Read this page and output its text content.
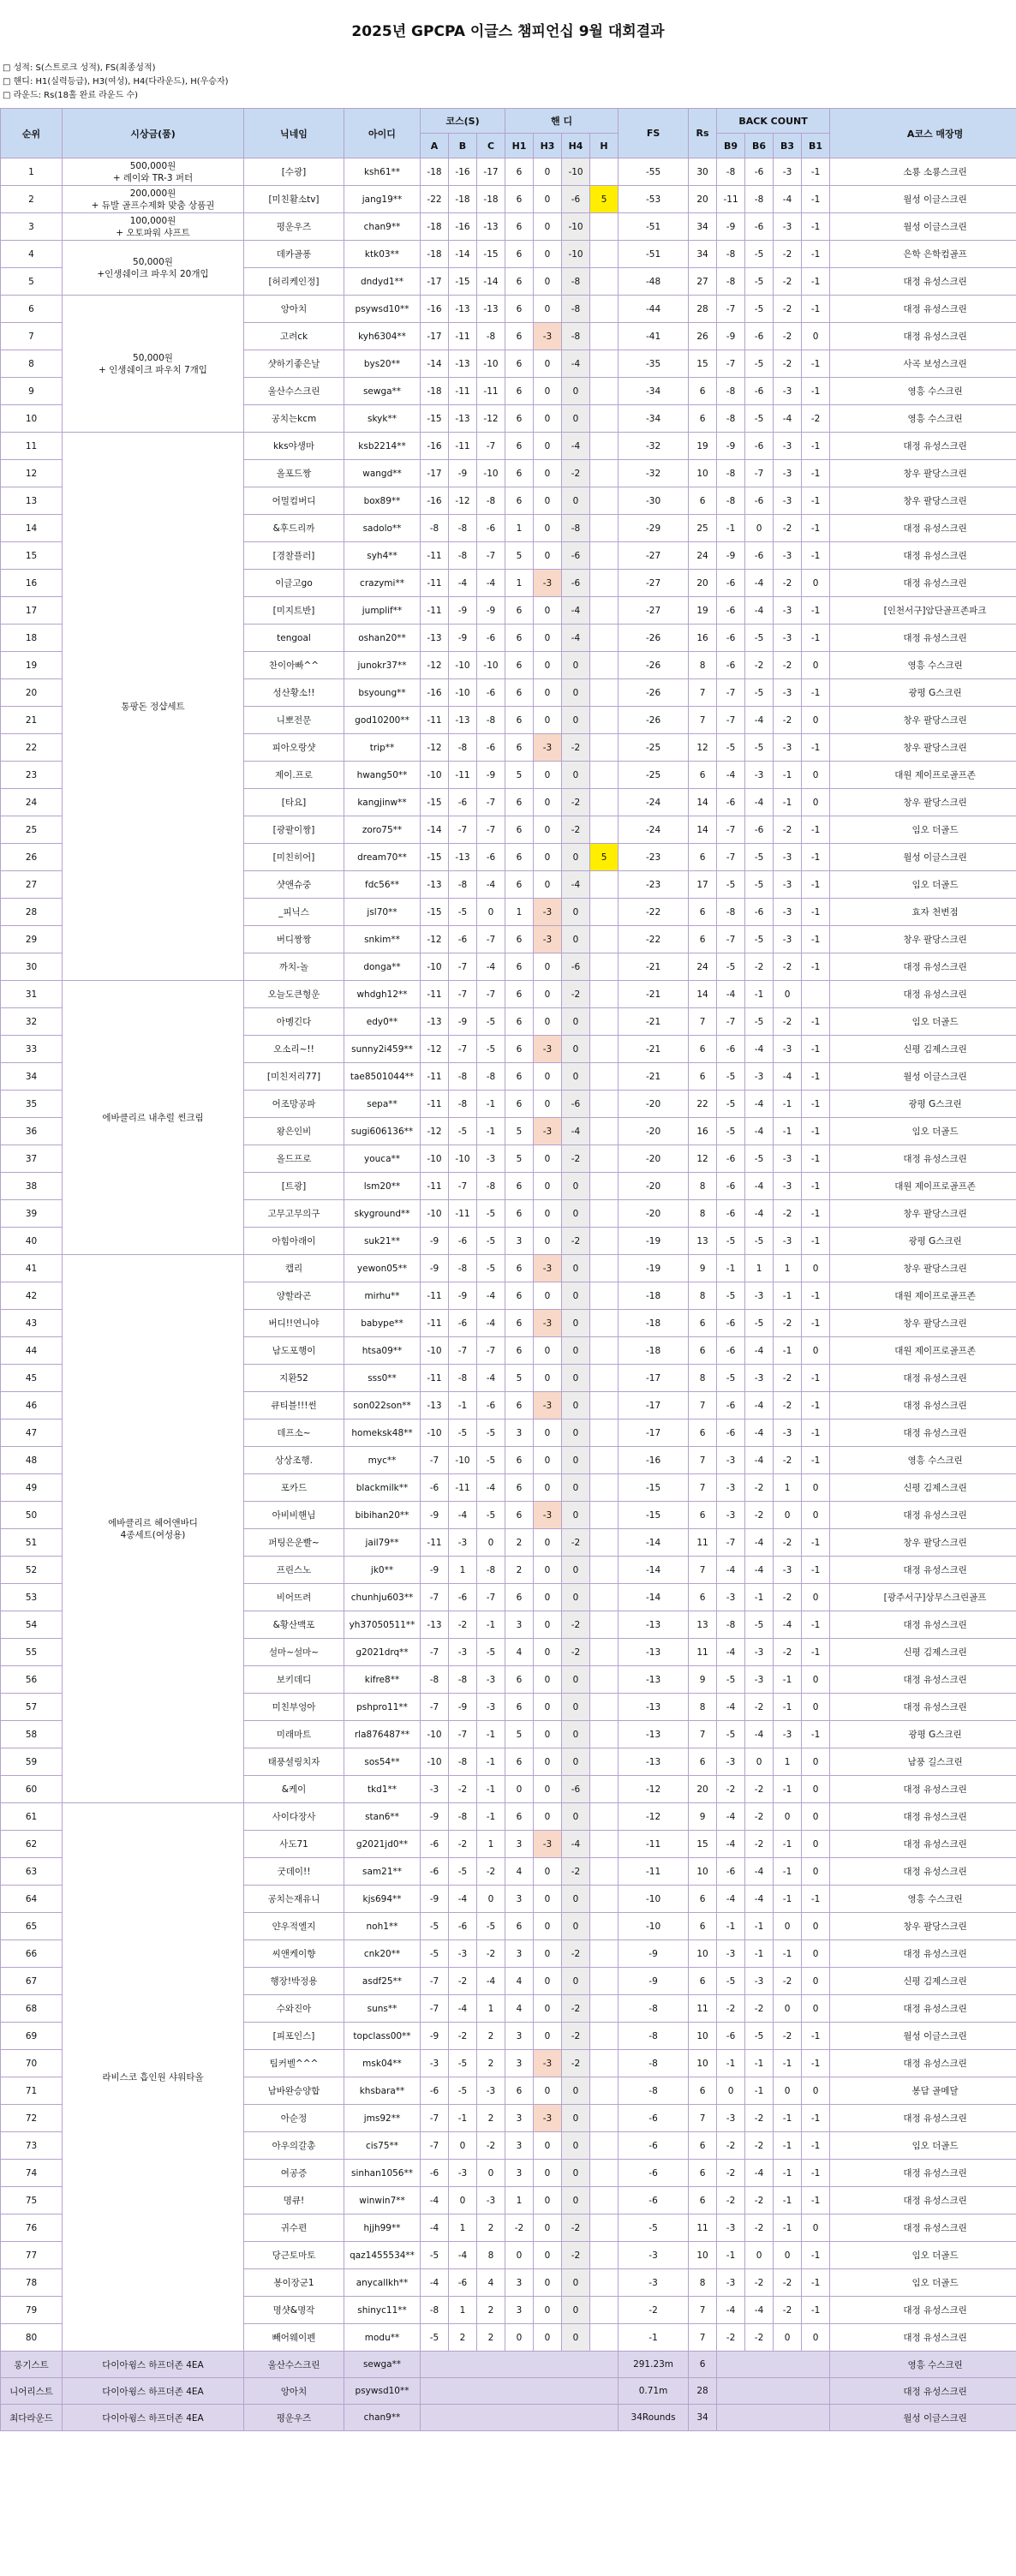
2025년 GPCPA 이글스 챔피언십 9월 대회결과
□ 성적: S(스트로크 성적), FS(최종성적)
□ 핸디: H1(실력등급), H3(여성), H4(다라운드), H(우승자)
□ 라운드: Rs(18홀 완료 라운드 수)
순위	시상금(품)	닉네임	아이디	코스(S)			핸 디				FS	Rs	BACK COUNT				A코스 매장명
				A	B	C	H1	H3	H4	H			B9	B6	B3	B1	
1	500,000원
+ 레이와 TR-3 퍼터	[수광]	ksh61**	-18	-16	-17	6	0	-10		-55	30	-8	-6	-3	-1	소룡 소룡스크린
2	200,000원
+ 듀발 골프수제화 맞춤 상품권	[미친활소tv]	jang19**	-22	-18	-18	6	0	-6	5	-53	20	-11	-8	-4	-1	월성 이글스크린
3	100,000원
+ 오토파워 샤프트	평운우즈	chan9**	-18	-16	-13	6	0	-10		-51	34	-9	-6	-3	-1	월성 이글스크린
4	50,000원
+인생쉐이크 파우치 20개입	데카골퐁	ktk03**	-18	-14	-15	6	0	-10		-51	34	-8	-5	-2	-1	은학 은학컴골프
5		[허리케인정]	dndyd1**	-17	-15	-14	6	0	-8		-48	27	-8	-5	-2	-1	대정 유성스크린
6	50,000원
+ 인생쉐이크 파우치 7개입	앙아치	psywsd10**	-16	-13	-13	6	0	-8		-44	28	-7	-5	-2	-1	대정 유성스크린
7		고려ck	kyh6304**	-17	-11	-8	6	-3	-8		-41	26	-9	-6	-2	0	대정 유성스크린
8		샷하기좋은날	bys20**	-14	-13	-10	6	0	-4		-35	15	-7	-5	-2	-1	사곡 보성스크린
9		울산수스크린	sewga**	-18	-11	-11	6	0	0		-34	6	-8	-6	-3	-1	영흥 수스크린
10		공치는kcm	skyk**	-15	-13	-12	6	0	0		-34	6	-8	-5	-4	-2	영흥 수스크린
11	통팡돈 정샵세트	kks야생마	ksb2214**	-16	-11	-7	6	0	-4		-32	19	-9	-6	-3	-1	대정 유성스크린
12		올포드짱	wangd**	-17	-9	-10	6	0	-2		-32	10	-8	-7	-3	-1	창우 팔당스크린
13		어멀컴버디	box89**	-16	-12	-8	6	0	0		-30	6	-8	-6	-3	-1	창우 팔당스크린
14		&후드리까	sadolo**	-8	-8	-6	1	0	-8		-29	25	-1	0	-2	-1	대정 유성스크린
15		[경찰플러]	syh4**	-11	-8	-7	5	0	-6		-27	24	-9	-6	-3	-1	대정 유성스크린
16		이글고go	crazymi**	-11	-4	-4	1	-3	-6		-27	20	-6	-4	-2	0	대정 유성스크린
17		[미지트반]	jumplif**	-11	-9	-9	6	0	-4		-27	19	-6	-4	-3	-1	[인천서구]암단골프존파크
18		tengoal	oshan20**	-13	-9	-6	6	0	-4		-26	16	-6	-5	-3	-1	대정 유성스크린
19		찬이아빠^^	junokr37**	-12	-10	-10	6	0	0		-26	8	-6	-2	-2	0	영흥 수스크린
20		성산황소!!	bsyoung**	-16	-10	-6	6	0	0		-26	7	-7	-5	-3	-1	광평 G스크린
21		니뽀전문	god10200**	-11	-13	-8	6	0	0		-26	7	-7	-4	-2	0	창우 팔당스크린
22		피아오랑샷	trip**	-12	-8	-6	6	-3	-2		-25	12	-5	-5	-3	-1	창우 팔당스크린
23		제이.프로	hwang50**	-10	-11	-9	5	0	0		-25	6	-4	-3	-1	0	대원 제이프로골프존
24		[타요]	kangjinw**	-15	-6	-7	6	0	-2		-24	14	-6	-4	-1	0	창우 팔당스크린
25		[광팔이짱]	zoro75**	-14	-7	-7	6	0	-2		-24	14	-7	-6	-2	-1	임오 더골드
26		[미친히어]	dream70**	-15	-13	-6	6	0	0	5	-23	6	-7	-5	-3	-1	월성 이글스크린
27		샷앤슈중	fdc56**	-13	-8	-4	6	0	-4		-23	17	-5	-5	-3	-1	임오 더골드
28		_피닉스	jsl70**	-15	-5	0	1	-3	0		-22	6	-8	-6	-3	-1	효자 천변점
29		버디짱짱	snkim**	-12	-6	-7	6	-3	0		-22	6	-7	-5	-3	-1	창우 팔당스크린
30		까치-놀	donga**	-10	-7	-4	6	0	-6		-21	24	-5	-2	-2	-1	대정 유성스크린
31	에바클리르 내추럴 썬크림	오늘도큰형운	whdgh12**	-11	-7	-7	6	0	-2		-21	14	-4	-1	0		대정 유성스크린
32		아멩긴다	edy0**	-13	-9	-5	6	0	0		-21	7	-7	-5	-2	-1	임오 더골드
33		오소리~!!	sunny2i459**	-12	-7	-5	6	-3	0		-21	6	-6	-4	-3	-1	신평 김제스크린
34		[미친저리77]	tae8501044**	-11	-8	-8	6	0	0		-21	6	-5	-3	-4	-1	월성 이글스크린
35		어조망공파	sepa**	-11	-8	-1	6	0	-6		-20	22	-5	-4	-1	-1	광평 G스크린
36		왕은인비	sugi606136**	-12	-5	-1	5	-3	-4		-20	16	-5	-4	-1	-1	임오 더골드
37		올드프로	youca**	-10	-10	-3	5	0	-2		-20	12	-6	-5	-3	-1	대정 유성스크린
38		[트광]	lsm20**	-11	-7	-8	6	0	0		-20	8	-6	-4	-3	-1	대원 제이프로골프존
39		고무고무의구	skyground**	-10	-11	-5	6	0	0		-20	8	-6	-4	-2	-1	창우 팔당스크린
40		아힘아래이	suk21**	-9	-6	-5	3	0	-2		-19	13	-5	-5	-3	-1	광평 G스크린
41	에바클리르 헤어앤바디
4종세트(여성용)	캡리	yewon05**	-9	-8	-5	6	-3	0		-19	9	-1	1	1	0	창우 팔당스크린
42		양할라곤	mirhu**	-11	-9	-4	6	0	0		-18	8	-5	-3	-1	-1	대원 제이프로골프존
43		버디!!연니야	babype**	-11	-6	-4	6	-3	0		-18	6	-6	-5	-2	-1	창우 팔당스크린
44		남도포행이	htsa09**	-10	-7	-7	6	0	0		-18	6	-6	-4	-1	0	대원 제이프로골프존
45		지환52	sss0**	-11	-8	-4	5	0	0		-17	8	-5	-3	-2	-1	대정 유성스크린
46		큐티블!!!썬	son022son**	-13	-1	-6	6	-3	0		-17	7	-6	-4	-2	-1	대정 유성스크린
47		데프소~	homeksk48**	-10	-5	-5	3	0	0		-17	6	-6	-4	-3	-1	대정 유성스크린
48		상상조행.	myc**	-7	-10	-5	6	0	0		-16	7	-3	-4	-2	-1	영흥 수스크린
49		포카드	blackmilk**	-6	-11	-4	6	0	0		-15	7	-3	-2	1	0	신평 김제스크린
50		아비비핸님	bibihan20**	-9	-4	-5	6	-3	0		-15	6	-3	-2	0	0	대정 유성스크린
51		퍼팅은운빨~	jail79**	-11	-3	0	2	0	-2		-14	11	-7	-4	-2	-1	창우 팔당스크린
52		프린스노	jk0**	-9	1	-8	2	0	0		-14	7	-4	-4	-3	-1	대정 유성스크린
53		비어뜨려	chunhju603**	-7	-6	-7	6	0	0		-14	6	-3	-1	-2	0	[광주서구]상무스크린골프
54		&황산맥포	yh37050511**	-13	-2	-1	3	0	-2		-13	13	-8	-5	-4	-1	대정 유성스크린
55		설마~설마~	g2021drq**	-7	-3	-5	4	0	-2		-13	11	-4	-3	-2	-1	신평 김제스크린
56		보키데디	kifre8**	-8	-8	-3	6	0	0		-13	9	-5	-3	-1	0	대정 유성스크린
57		미친부엉아	pshpro11**	-7	-9	-3	6	0	0		-13	8	-4	-2	-1	0	대정 유성스크린
58		미래마트	rla876487**	-10	-7	-1	5	0	0		-13	7	-5	-4	-3	-1	광평 G스크린
59		태풍셜링치자	sos54**	-10	-8	-1	6	0	0		-13	6	-3	0	1	0	남풍 길스크린
60		&케이	tkd1**	-3	-2	-1	0	0	-6		-12	20	-2	-2	-1	0	대정 유성스크린
61	라비스코 흡인원 샤워타올	사이다장사	stan6**	-9	-8	-1	6	0	0		-12	9	-4	-2	0	0	대정 유성스크린
62		사도71	g2021jd0**	-6	-2	1	3	-3	-4		-11	15	-4	-2	-1	0	대정 유성스크린
63		굿데이!!	sam21**	-6	-5	-2	4	0	-2		-11	10	-6	-4	-1	0	대정 유성스크린
64		공치는재유니	kjs694**	-9	-4	0	3	0	0		-10	6	-4	-4	-1	-1	영흥 수스크린
65		얀우적엘지	noh1**	-5	-6	-5	6	0	0		-10	6	-1	-1	0	0	창우 팔당스크린
66		씨앤케이향	cnk20**	-5	-3	-2	3	0	-2		-9	10	-3	-1	-1	0	대정 유성스크린
67		행장!박정용	asdf25**	-7	-2	-4	4	0	0		-9	6	-5	-3	-2	0	신평 김제스크린
68		수와진아	suns**	-7	-4	1	4	0	-2		-8	11	-2	-2	0	0	대정 유성스크린
69		[피포인스]	topclass00**	-9	-2	2	3	0	-2		-8	10	-6	-5	-2	-1	월성 이글스크린
70		팀커벨^^^	msk04**	-3	-5	2	3	-3	-2		-8	10	-1	-1	-1	-1	대정 유성스크린
71		남바완승양합	khsbara**	-6	-5	-3	6	0	0		-8	6	0	-1	0	0	봉담 골메달
72		아순정	jms92**	-7	-1	2	3	-3	0		-6	7	-3	-2	-1	-1	대정 유성스크린
73		아우의갈총	cis75**	-7	0	-2	3	0	0		-6	6	-2	-2	-1	-1	임오 더골드
74		여공증	sinhan1056**	-6	-3	0	3	0	0		-6	6	-2	-4	-1	-1	대정 유성스크린
75		명큐!	winwin7**	-4	0	-3	1	0	0		-6	6	-2	-2	-1	-1	대정 유성스크린
76		귀수편	hjjh99**	-4	1	2	-2	0	-2		-5	11	-3	-2	-1	0	대정 유성스크린
77		당근토마토	qaz1455534**	-5	-4	8	0	0	-2		-3	10	-1	0	0	-1	임오 더골드
78		봉이장군1	anycallkh**	-4	-6	4	3	0	0		-3	8	-3	-2	-2	-1	임오 더골드
79		명샷&명작	shinyc11**	-8	1	2	3	0	0		-2	7	-4	-4	-2	-1	대정 유성스크린
80		빼어웨이펜	modu**	-5	2	2	0	0	0		-1	7	-2	-2	0	0	대정 유성스크린
롱기스트	다이아윙스 하프더존 4EA	울산수스크린	sewga**								291.23m	6					영흥 수스크린
니어리스트	다이아윙스 하프더존 4EA	앙아치	psywsd10**								0.71m	28					대정 유성스크린
최다라운드	다이아윙스 하프더존 4EA	평운우즈	chan9**								34Rounds	34					월성 이글스크린
